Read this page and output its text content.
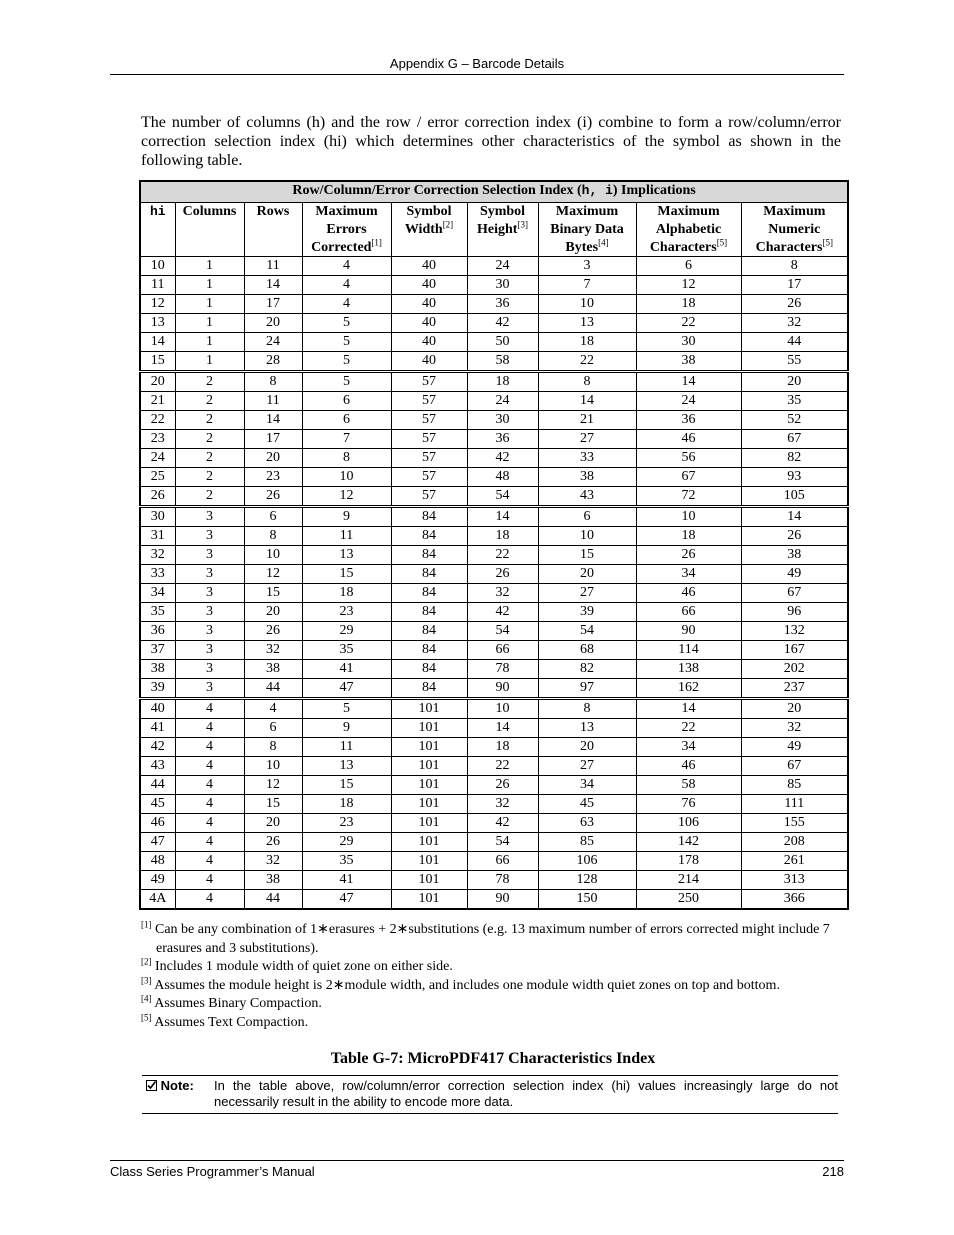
Appendix G – Barcode Details

The number of columns (h) and the row / error correction index (i) combine to form a row/column/error correction selection index (hi) which determines other characteristics of the symbol as shown in the following table.

Row/Column/Error Correction Selection Index (h, i) Implications								
hi	Columns	Rows	Maximum Errors Corrected[1]	Symbol Width[2]	Symbol Height[3]	Maximum Binary Data Bytes[4]	Maximum Alphabetic Characters[5]	Maximum Numeric Characters[5]
10	1	11	4	40	24	3	6	8
11	1	14	4	40	30	7	12	17
12	1	17	4	40	36	10	18	26
13	1	20	5	40	42	13	22	32
14	1	24	5	40	50	18	30	44
15	1	28	5	40	58	22	38	55
20	2	8	5	57	18	8	14	20
21	2	11	6	57	24	14	24	35
22	2	14	6	57	30	21	36	52
23	2	17	7	57	36	27	46	67
24	2	20	8	57	42	33	56	82
25	2	23	10	57	48	38	67	93
26	2	26	12	57	54	43	72	105
30	3	6	9	84	14	6	10	14
31	3	8	11	84	18	10	18	26
32	3	10	13	84	22	15	26	38
33	3	12	15	84	26	20	34	49
34	3	15	18	84	32	27	46	67
35	3	20	23	84	42	39	66	96
36	3	26	29	84	54	54	90	132
37	3	32	35	84	66	68	114	167
38	3	38	41	84	78	82	138	202
39	3	44	47	84	90	97	162	237
40	4	4	5	101	10	8	14	20
41	4	6	9	101	14	13	22	32
42	4	8	11	101	18	20	34	49
43	4	10	13	101	22	27	46	67
44	4	12	15	101	26	34	58	85
45	4	15	18	101	32	45	76	111
46	4	20	23	101	42	63	106	155
47	4	26	29	101	54	85	142	208
48	4	32	35	101	66	106	178	261
49	4	38	41	101	78	128	214	313
4A	4	44	47	101	90	150	250	366
[1] Can be any combination of 1∗erasures + 2∗substitutions (e.g. 13 maximum number of errors corrected might include 7 erasures and 3 substitutions).
[2] Includes 1 module width of quiet zone on either side.
[3] Assumes the module height is 2∗module width, and includes one module width quiet zones on top and bottom.
[4] Assumes Binary Compaction.
[5] Assumes Text Compaction.
Table G-7: MicroPDF417 Characteristics Index
Note:	In the table above, row/column/error correction selection index (hi) values increasingly large do not necessarily result in the ability to encode more data.
Class Series Programmer’s Manual	218
